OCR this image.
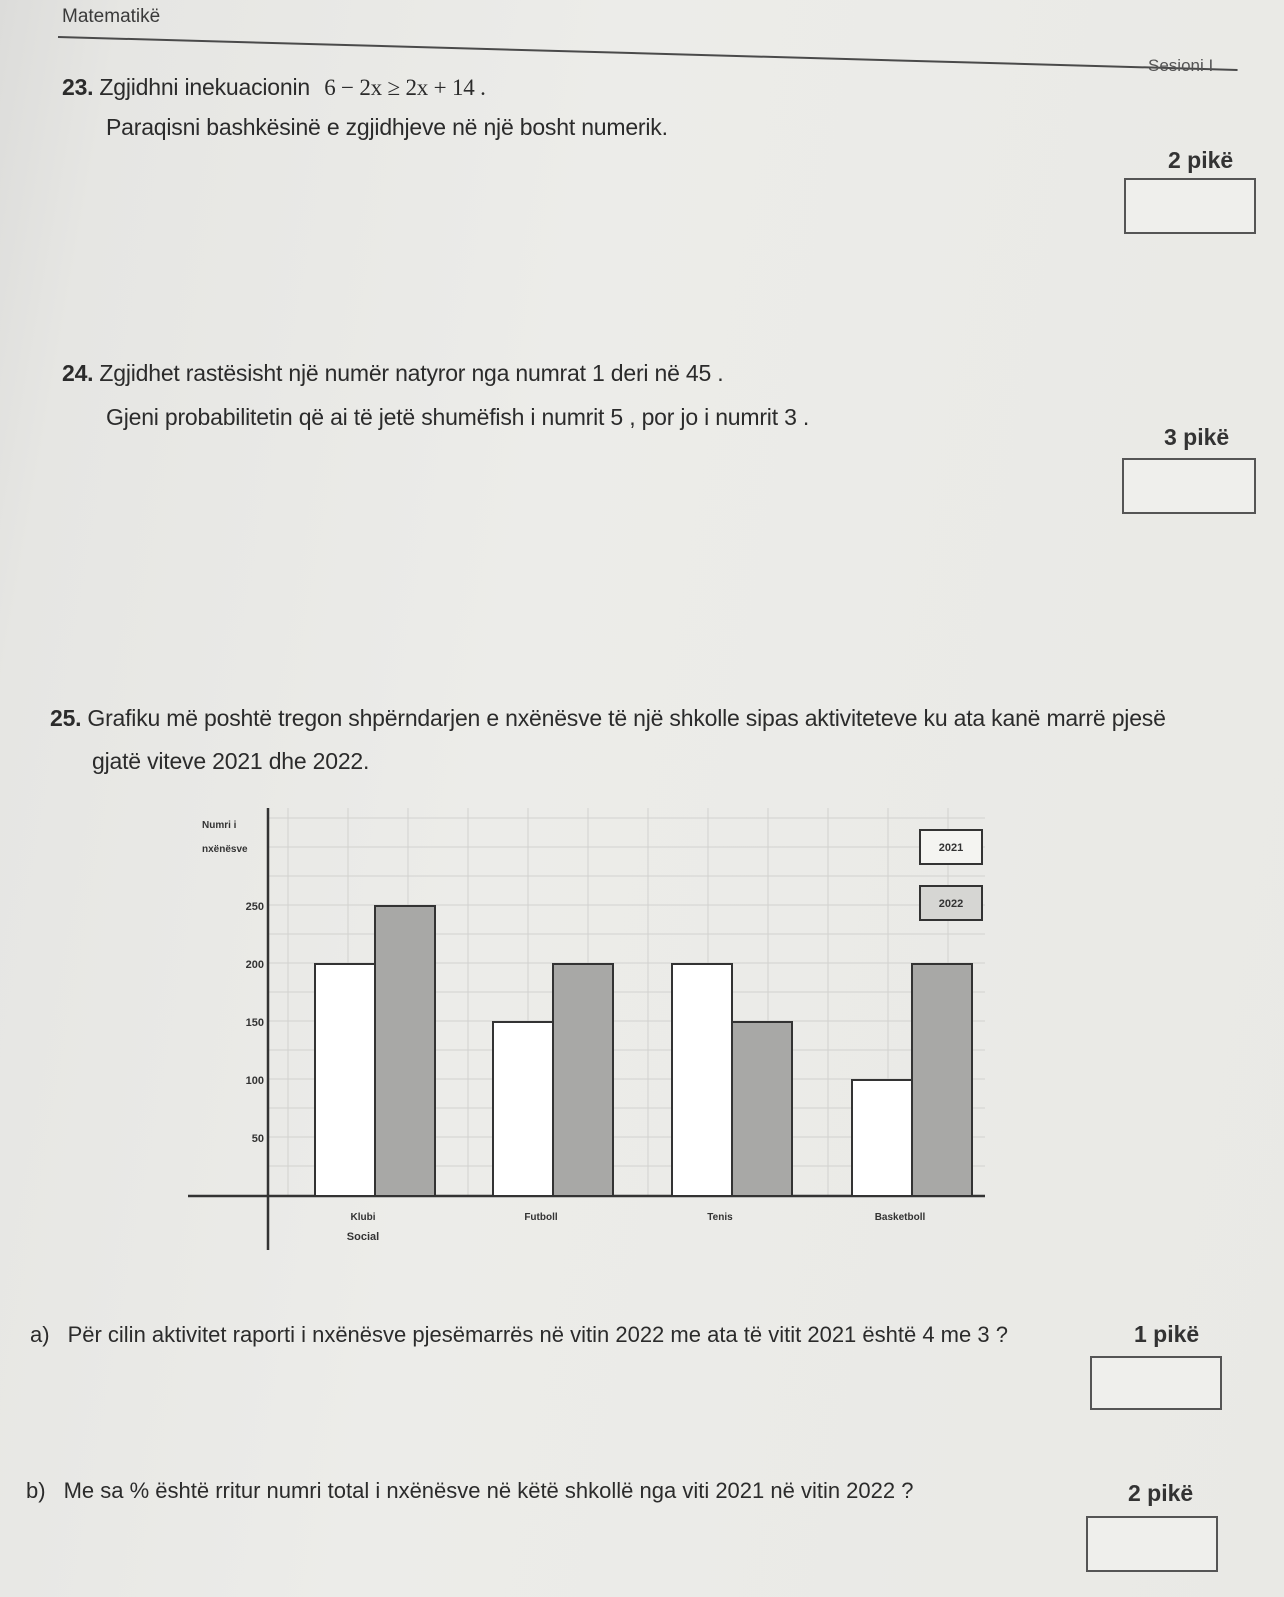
Matematikë
Sesioni I
23. Zgjidhni inekuacionin 6 − 2x ≥ 2x + 14 .
Paraqisni bashkësinë e zgjidhjeve në një bosht numerik.
2 pikë
24. Zgjidhet rastësisht një numër natyror nga numrat 1 deri në 45 .
Gjeni probabilitetin që ai të jetë shumëfish i numrit 5 , por jo i numrit 3 .
3 pikë
25. Grafiku më poshtë tregon shpërndarjen e nxënësve të një shkolle sipas aktiviteteve ku ata kanë marrë pjesë
gjatë viteve 2021 dhe 2022.
Numri i
nxënësve
50
100
150
200
250
Klubi
Social
Futboll	Tenis	Basketboll
2021
2022
a) Për cilin aktivitet raporti i nxënësve pjesëmarrës në vitin 2022 me ata të vitit 2021 është 4 me 3 ?	1 pikë
b) Me sa % është rritur numri total i nxënësve në këtë shkollë nga viti 2021 në vitin 2022 ?	2 pikë
